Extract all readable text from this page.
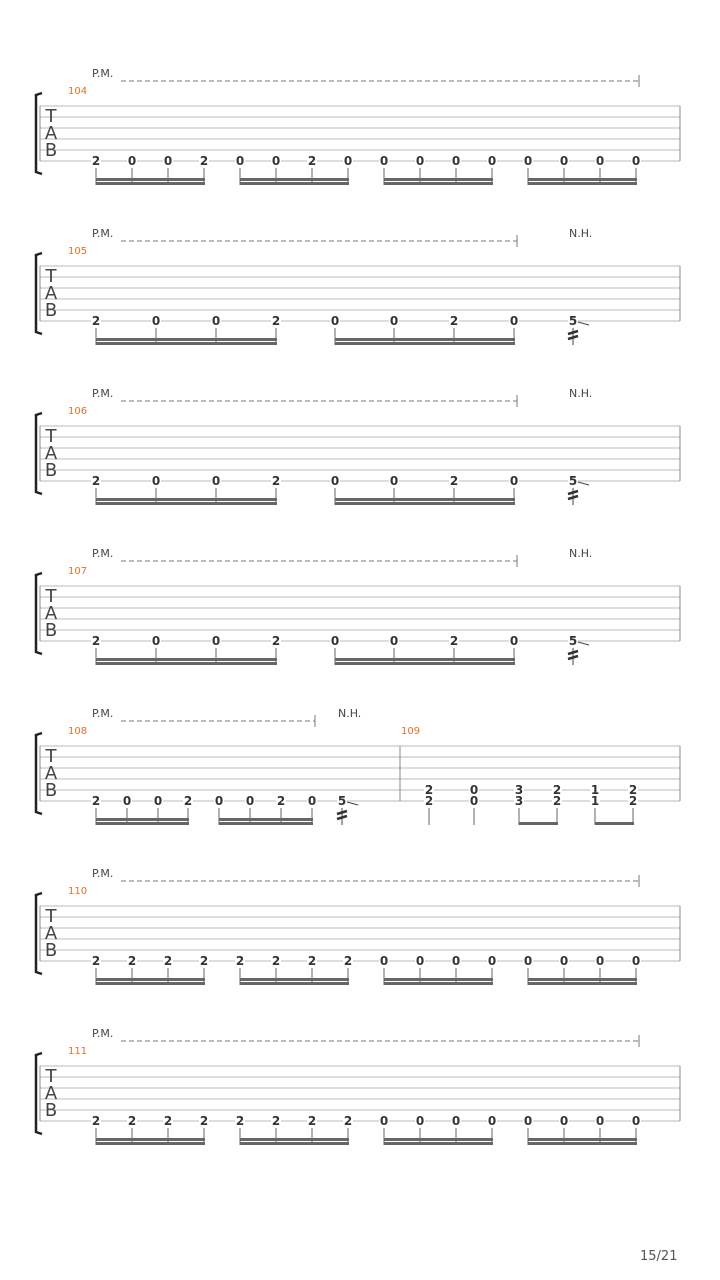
T
A
B
P.M.
104
2 0 0 2 0 0 2 0 0 0 0 0 0 0 0 0
T
A
B
P.M.	N.H.
105
2	0	0	2	0	0	2	0	5
T
A
B
P.M.	N.H.
106
2	0	0	2	0	0	2	0	5
T
A
B
P.M.	N.H.
107
2	0	0	2	0	0	2	0	5
T
A
B
P.M.	N.H.
108
2 0 0 2 0 0 2 0 5
109
2
2
0
0
3
3
2
2
1
1
2
2
T
A
B
P.M.
110
2 2 2 2 2 2 2 2 0 0 0 0 0 0 0 0
T
A
B
P.M.
111
2 2 2 2 2 2 2 2 0 0 0 0 0 0 0 0
15/21
